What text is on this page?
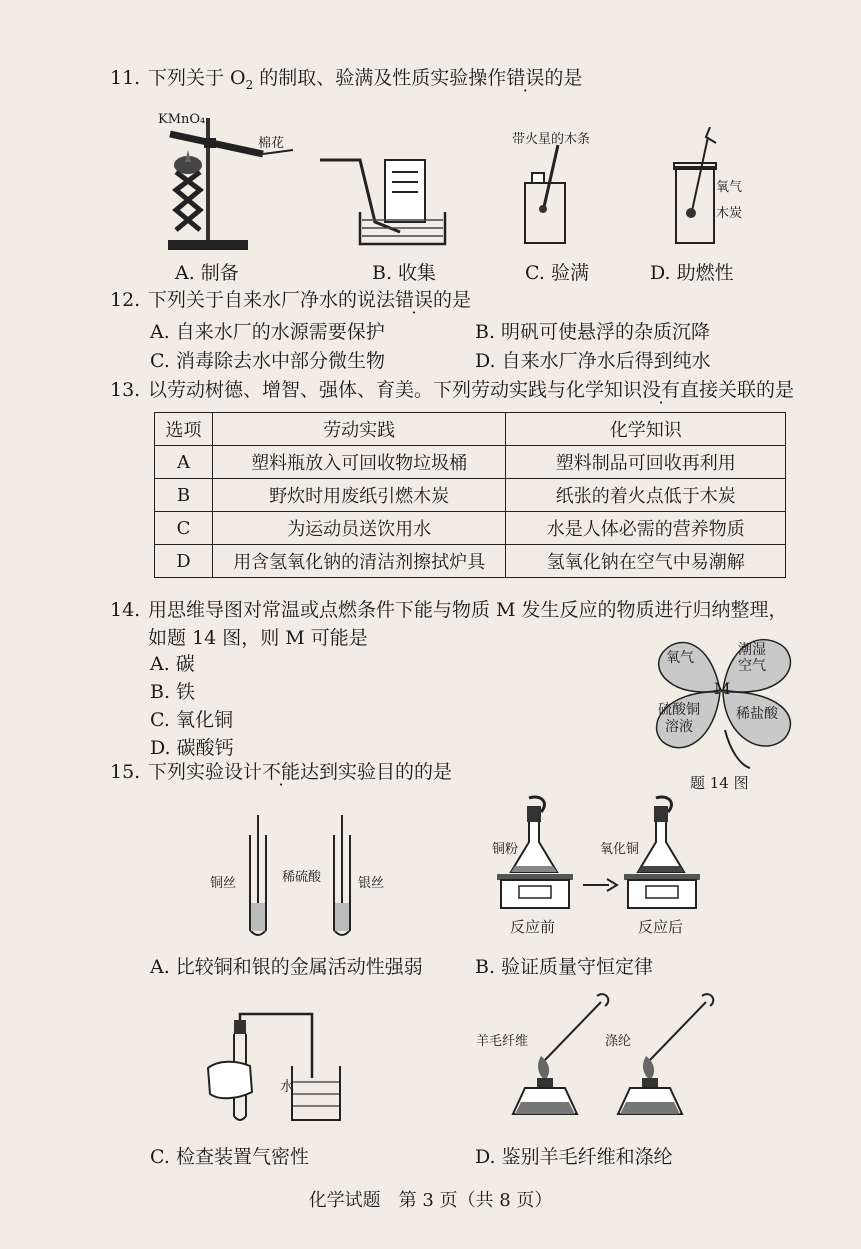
11. 下列关于 $O_2$ 的制取、验满及性质实验操作错误的是
KMnO₄
棉花	带火星的木条
氧气
木炭
A. 制备	B. 收集	C. 验满	D. 助燃性
12. 下列关于自来水厂净水的说法错误的是
A. 自来水厂的水源需要保护	B. 明矾可使悬浮的杂质沉降
C. 消毒除去水中部分微生物	D. 自来水厂净水后得到纯水
13. 以劳动树德、增智、强体、育美。下列劳动实践与化学知识没有直接关联的是
选项	劳动实践	化学知识
A	塑料瓶放入可回收物垃圾桶	塑料制品可回收再利用
B	野炊时用废纸引燃木炭	纸张的着火点低于木炭
C	为运动员送饮用水	水是人体必需的营养物质
D	用含氢氧化钠的清洁剂擦拭炉具	氢氧化钠在空气中易潮解
14. 用思维导图对常温或点燃条件下能与物质 M 发生反应的物质进行归纳整理，
如题 14 图，则 M 可能是
A. 碳
B. 铁
C. 氧化铜
D. 碳酸钙
氧气	潮湿
空气
M
硫酸铜
溶液
稀盐酸
题 14 图
15. 下列实验设计不能达到实验目的的是
铜丝	稀硫酸	银丝
铜粉	氧化铜
反应前	反应后
A. 比较铜和银的金属活动性强弱	B. 验证质量守恒定律
水
羊毛纤维	涤纶
C. 检查装置气密性	D. 鉴别羊毛纤维和涤纶
化学试题　第 3 页（共 8 页）
